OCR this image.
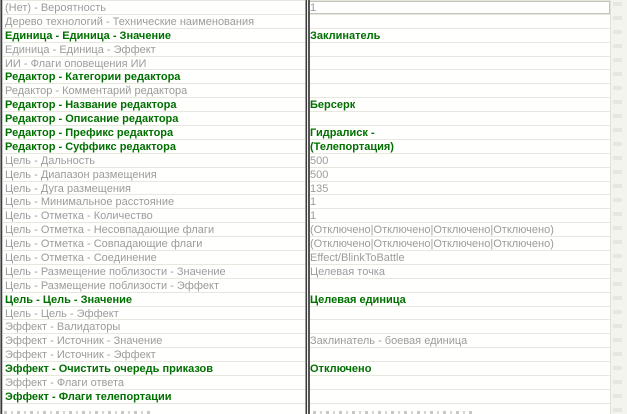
(Нет) - Вероятность	1
Дерево технологий - Технические наименования
Единица - Единица - Значение	Заклинатель
Единица - Единица - Эффект
ИИ - Флаги оповещения ИИ
Редактор - Категории редактора
Редактор - Комментарий редактора
Редактор - Название редактора	Берсерк
Редактор - Описание редактора
Редактор - Префикс редактора	Гидралиск -
Редактор - Суффикс редактора	(Телепортация)
Цель - Дальность	500
Цель - Диапазон размещения	500
Цель - Дуга размещения	135
Цель - Минимальное расстояние	1
Цель - Отметка - Количество	1
Цель - Отметка - Несовпадающие флаги	(Отключено|Отключено|Отключено|Отключено)
Цель - Отметка - Совпадающие флаги	(Отключено|Отключено|Отключено|Отключено)
Цель - Отметка - Соединение	Effect/BlinkToBattle
Цель - Размещение поблизости - Значение	Целевая точка
Цель - Размещение поблизости - Эффект
Цель - Цель - Значение	Целевая единица
Цель - Цель - Эффект
Эффект - Валидаторы
Эффект - Источник - Значение	Заклинатель - боевая единица
Эффект - Источник - Эффект
Эффект - Очистить очередь приказов	Отключено
Эффект - Флаги ответа
Эффект - Флаги телепортации
